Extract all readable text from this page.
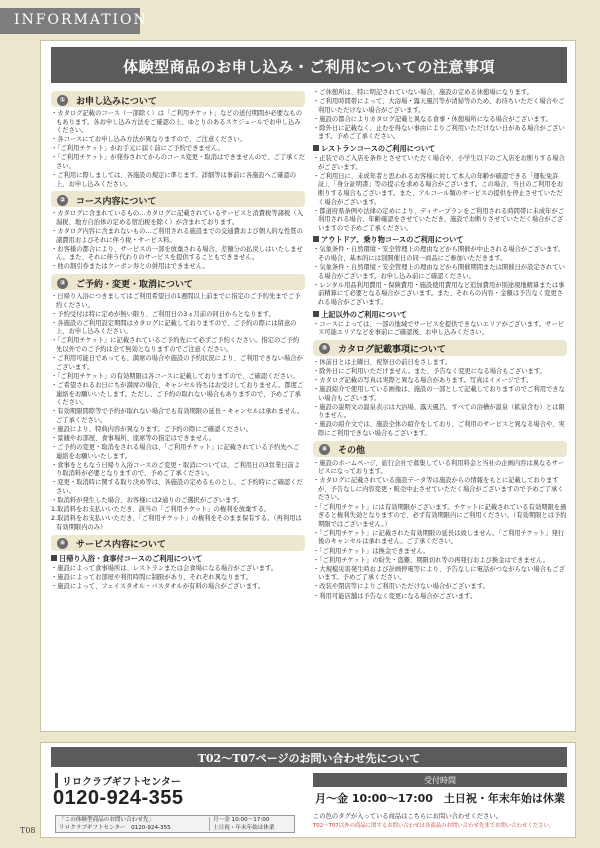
INFORMATION
体験型商品のお申し込み・ご利用についての注意事項
① お申し込みについて
・カタログ記載のコース（一部除く）は「ご利用チケット」などの送付期間が必要なものもあります。各お申し込み方法をご確認の上、ゆとりのあるスケジュールでお申し込みください。
・各コースにてお申し込み方法が異なりますので、ご注意ください。
・「ご利用チケット」がお手元に届く前にご予約できません。
・「ご利用チケット」が発券されてからのコース変更・取消はできませんので、ご了承ください。
・ご利用に際しましては、各施設の規定に準じます。詳細等は事前に各施設へご確認の上、お申し込みください。
② コース内容について
・カタログに含まれているもの…カタログに記載されているサービスと消費税等諸税（入湯税、地方自治体の定める宿泊税を除く）が含まれております。
・カタログ内容に含まれないもの…ご利用される施設までの交通費および個人的な性質の諸費用およびそれに伴う税・サービス料。
・お客様の都合により、サービスの一部を放棄される場合、差額分の払戻しはいたしません。また、それに伴う代わりのサービスを提供することもできません。
・他の割引券またはクーポン券との併用はできません。
③ ご予約・変更・取消について
・日帰り入浴につきましてはご利用希望日の1週間以上前までに指定のご予約先までご予約ください。
・予約受付は特に定めが無い限り、ご利用日の3ヵ月前の同日からとなります。
・各施設のご利用設定期間はカタログに記載しておりますので、ご予約の際には留意の上、お申し込みください。
・「ご利用チケット」に記載されているご予約先にて必ずご予約ください。指定のご予約先以外でのご予約は全て無効となりますのでご注意ください。
・ご利用可能日であっても、満席の場合や施設の予約状況により、ご利用できない場合がございます。
・「ご利用チケット」の有効期限は各コースに記載しておりますので、ご確認ください。
・ご希望されるお日にちが満席の場合、キャンセル待ちはお受けしておりません。都度ご連絡をお願いいたします。ただし、ご予約の取れない場合もありますので、予めご了承ください。
・有効期限間際等で予約が取れない場合でも有効期限の延長・キャンセルは承れません。ご了承ください。
・施設により、特典内容が異なります。ご予約の際にご確認ください。
・景観やお部屋、食事場所、座席等の指定はできません。
・ご予約の変更・取消をされる場合は、「ご利用チケット」に記載されている予約先へご連絡をお願いいたします。
・食事をともなう日帰り入浴コースのご変更・取消については、ご利用日の3営業日前より取消料が必要となりますので、予めご了承ください。
・変更・取消時に関する取り決め等は、各施設の定めるものとし、ご予約時にご確認ください。
・取消料が発生した場合、お客様には2通りのご選択がございます。
1.取消料をお支払いいただき、該当の「ご利用チケット」の権利を放棄する。
2.取消料をお支払いいただき、「ご利用チケット」の権利をそのまま保有する。（再利用は有効期限内のみ）
④ サービス内容について
日帰り入浴・食事付コースのご利用について
・施設によって食事場所は、レストランまたは会食場になる場合がございます。
・施設によってお部屋や利用時間に制限があり、それぞれ異なります。
・施設によって、フェイスタオル・バスタオルが有料の場合がございます。
・ご休憩所は、特に明記されていない場合、施設の定める休憩場になります。
・ご利用時間帯によって、大浴場・露天風呂等が清掃等のため、お待ちいただく場合やご利用いただけない場合がございます。
・施設の都合によりカタログ記載と異なる食事・休憩場所になる場合がございます。
・除外日に記載なく、止むを得ない事由によりご利用いただけない日がある場合がございます。予めご了承ください。
レストランコースのご利用について
・正装でのご入店を条件とさせていただく場合や、小学生以下のご入店をお断りする場合がございます。
・ご利用日に、未成年者と思われるお客様に対して本人の年齢が確認できる「運転免許証」、「身分証明書」等の提示を求める場合がございます。この場合、当日のご利用をお断りする場合もございます。また、アルコール類のサービスの提供を停止させていただく場合がございます。
・都道府県条例や法律の定めにより、ディナープランをご利用される時間帯に未成年がご利用される場合、年齢確認をさせていただき、施設でお断りさせていただく場合がございますので予めご了承ください。
アウトドア、乗り物コースのご利用について
・気象条件・自然環境・安全管理上の理由などから開催が中止される場合がございます。その場合、基本的には別開催日の同一商品にご参加いただきます。
・気象条件・自然環境・安全管理上の理由などから開催期間または開催日が設定されている場合がございます。お申し込み前にご確認ください。
・レンタル用品利用費用・保険費用・施設使用費用など追加費用が別途現地精算または事前精算にて必要となる場合がございます。また、それらの内容・金額は予告なく変更される場合がございます。
上記以外のご利用について
・コースによっては、一部の地域でサービスを提供できないエリアがございます。サービス可能エリアなどを事前にご確認後、お申し込みください。
⑤ カタログ記載事項について
・休前日とは土曜日、祝祭日の前日をさします。
・除外日にご利用いただけません。また、予告なく変更になる場合もございます。
・カタログ記載の写真は実際と異なる場合があります。写真はイメージです。
・施設紹介で使用している画像は、施設の一部として記載しておりますのでご利用できない場合もございます。
・施設の説明文の温泉表示は大浴場、露天風呂、すべての浴槽が温泉（鉱泉含む）とは限りません。
・施設の紹介文では、施設全体の紹介をしており、ご利用のサービスと異なる場合や、実際にご利用できない場合もございます。
⑥ その他
・施設のホームページ、旅行会社で募集している利用料金と当社の企画内容は異なるサービスになっております。
・カタログに記載されている施設データ等は施設からの情報をもとに記載しておりますが、予告なしに内容変更・販売中止させていただく場合がございますので予めご了承ください。
・「ご利用チケット」には有効期限がございます。チケットに記載されている有効期限を過ぎると権利失効となりますので、必ず有効期限内にご利用ください。（有効期限とは予約期限ではございません。）
・「ご利用チケット」に記載された有効期限の延長は致しません。「ご利用チケット」発行後のキャンセルは承れません。ご了承ください。
・「ご利用チケット」は換金できません。
・「ご利用チケット」の紛失・盗難、期限切れ等の再発行および換金はできません。
・大規模災害発生時および計画停電等により、予告なしに電話がつながらない場合もございます。予めご了承ください。
・改装や閉店等によりご利用いただけない場合がございます。
・利用可能店舗は予告なく変更になる場合がございます。
T02〜T07ページのお問い合わせ先について
リロクラブギフトセンター
0120-924-355
受付時間
月〜金 10:00〜17:00　土日祝・年末年始は休業
「この体験型商品のお問い合わせ先」
リロクラブギフトセンター　0120-924-355
月〜金 10:00〜17:00
土日祝・年末年始は休業
この色のタグが入っている商品はこちらにお問い合わせください。
T02〜T07以外の商品に関するお問い合わせは各商品のお問い合わせ先までお問い合わせください。
T08
